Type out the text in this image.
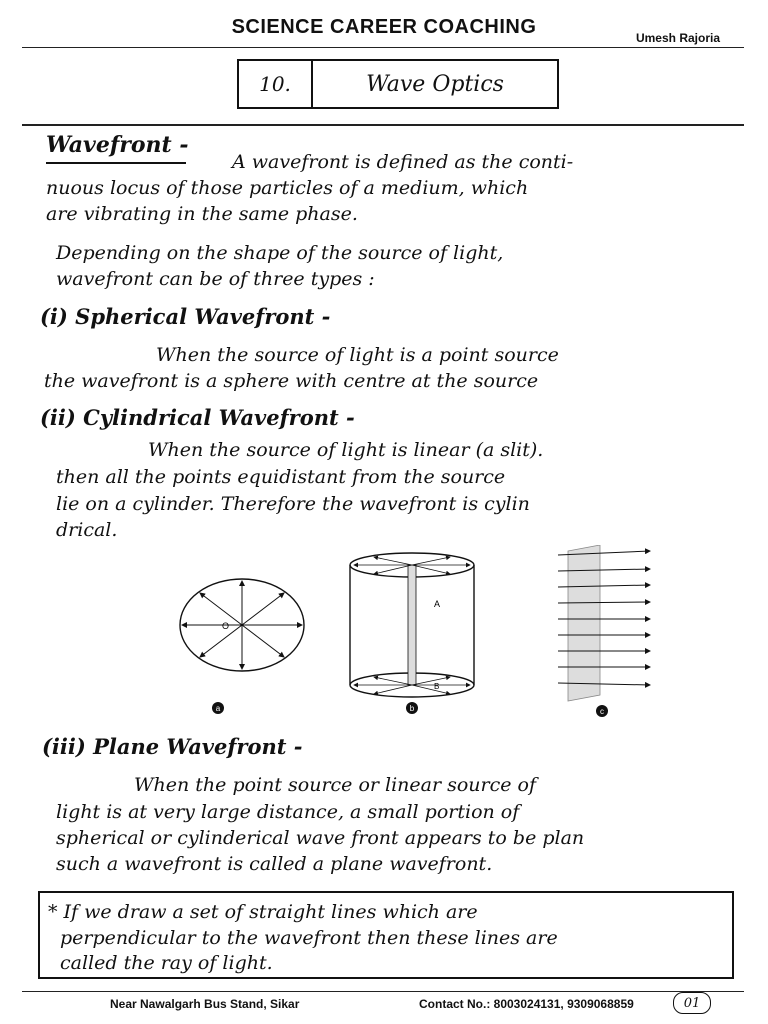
SCIENCE CAREER COACHING	Umesh Rajoria
10.	Wave Optics
Wavefront -
A wavefront is defined as the conti-
nuous locus of those particles of a medium, which
are vibrating in the same phase.
Depending on the shape of the source of light,
wavefront can be of three types :
(i) Spherical Wavefront -
When the source of light is a point source
the wavefront is a sphere with centre at the source
(ii) Cylindrical Wavefront -
When the source of light is linear (a slit).
then all the points equidistant from the source
lie on a cylinder. Therefore the wavefront is cylin
drical.
O
a
A
B
b	c
(iii) Plane Wavefront -
When the point source or linear source of
light is at very large distance, a small portion of
spherical or cylinderical wave front appears to be plan
such a wavefront is called a plane wavefront.
* If we draw a set of straight lines which are
perpendicular to the wavefront then these lines are
called the ray of light.
Near Nawalgarh Bus Stand, Sikar	Contact No.: 8003024131, 9309068859	01
